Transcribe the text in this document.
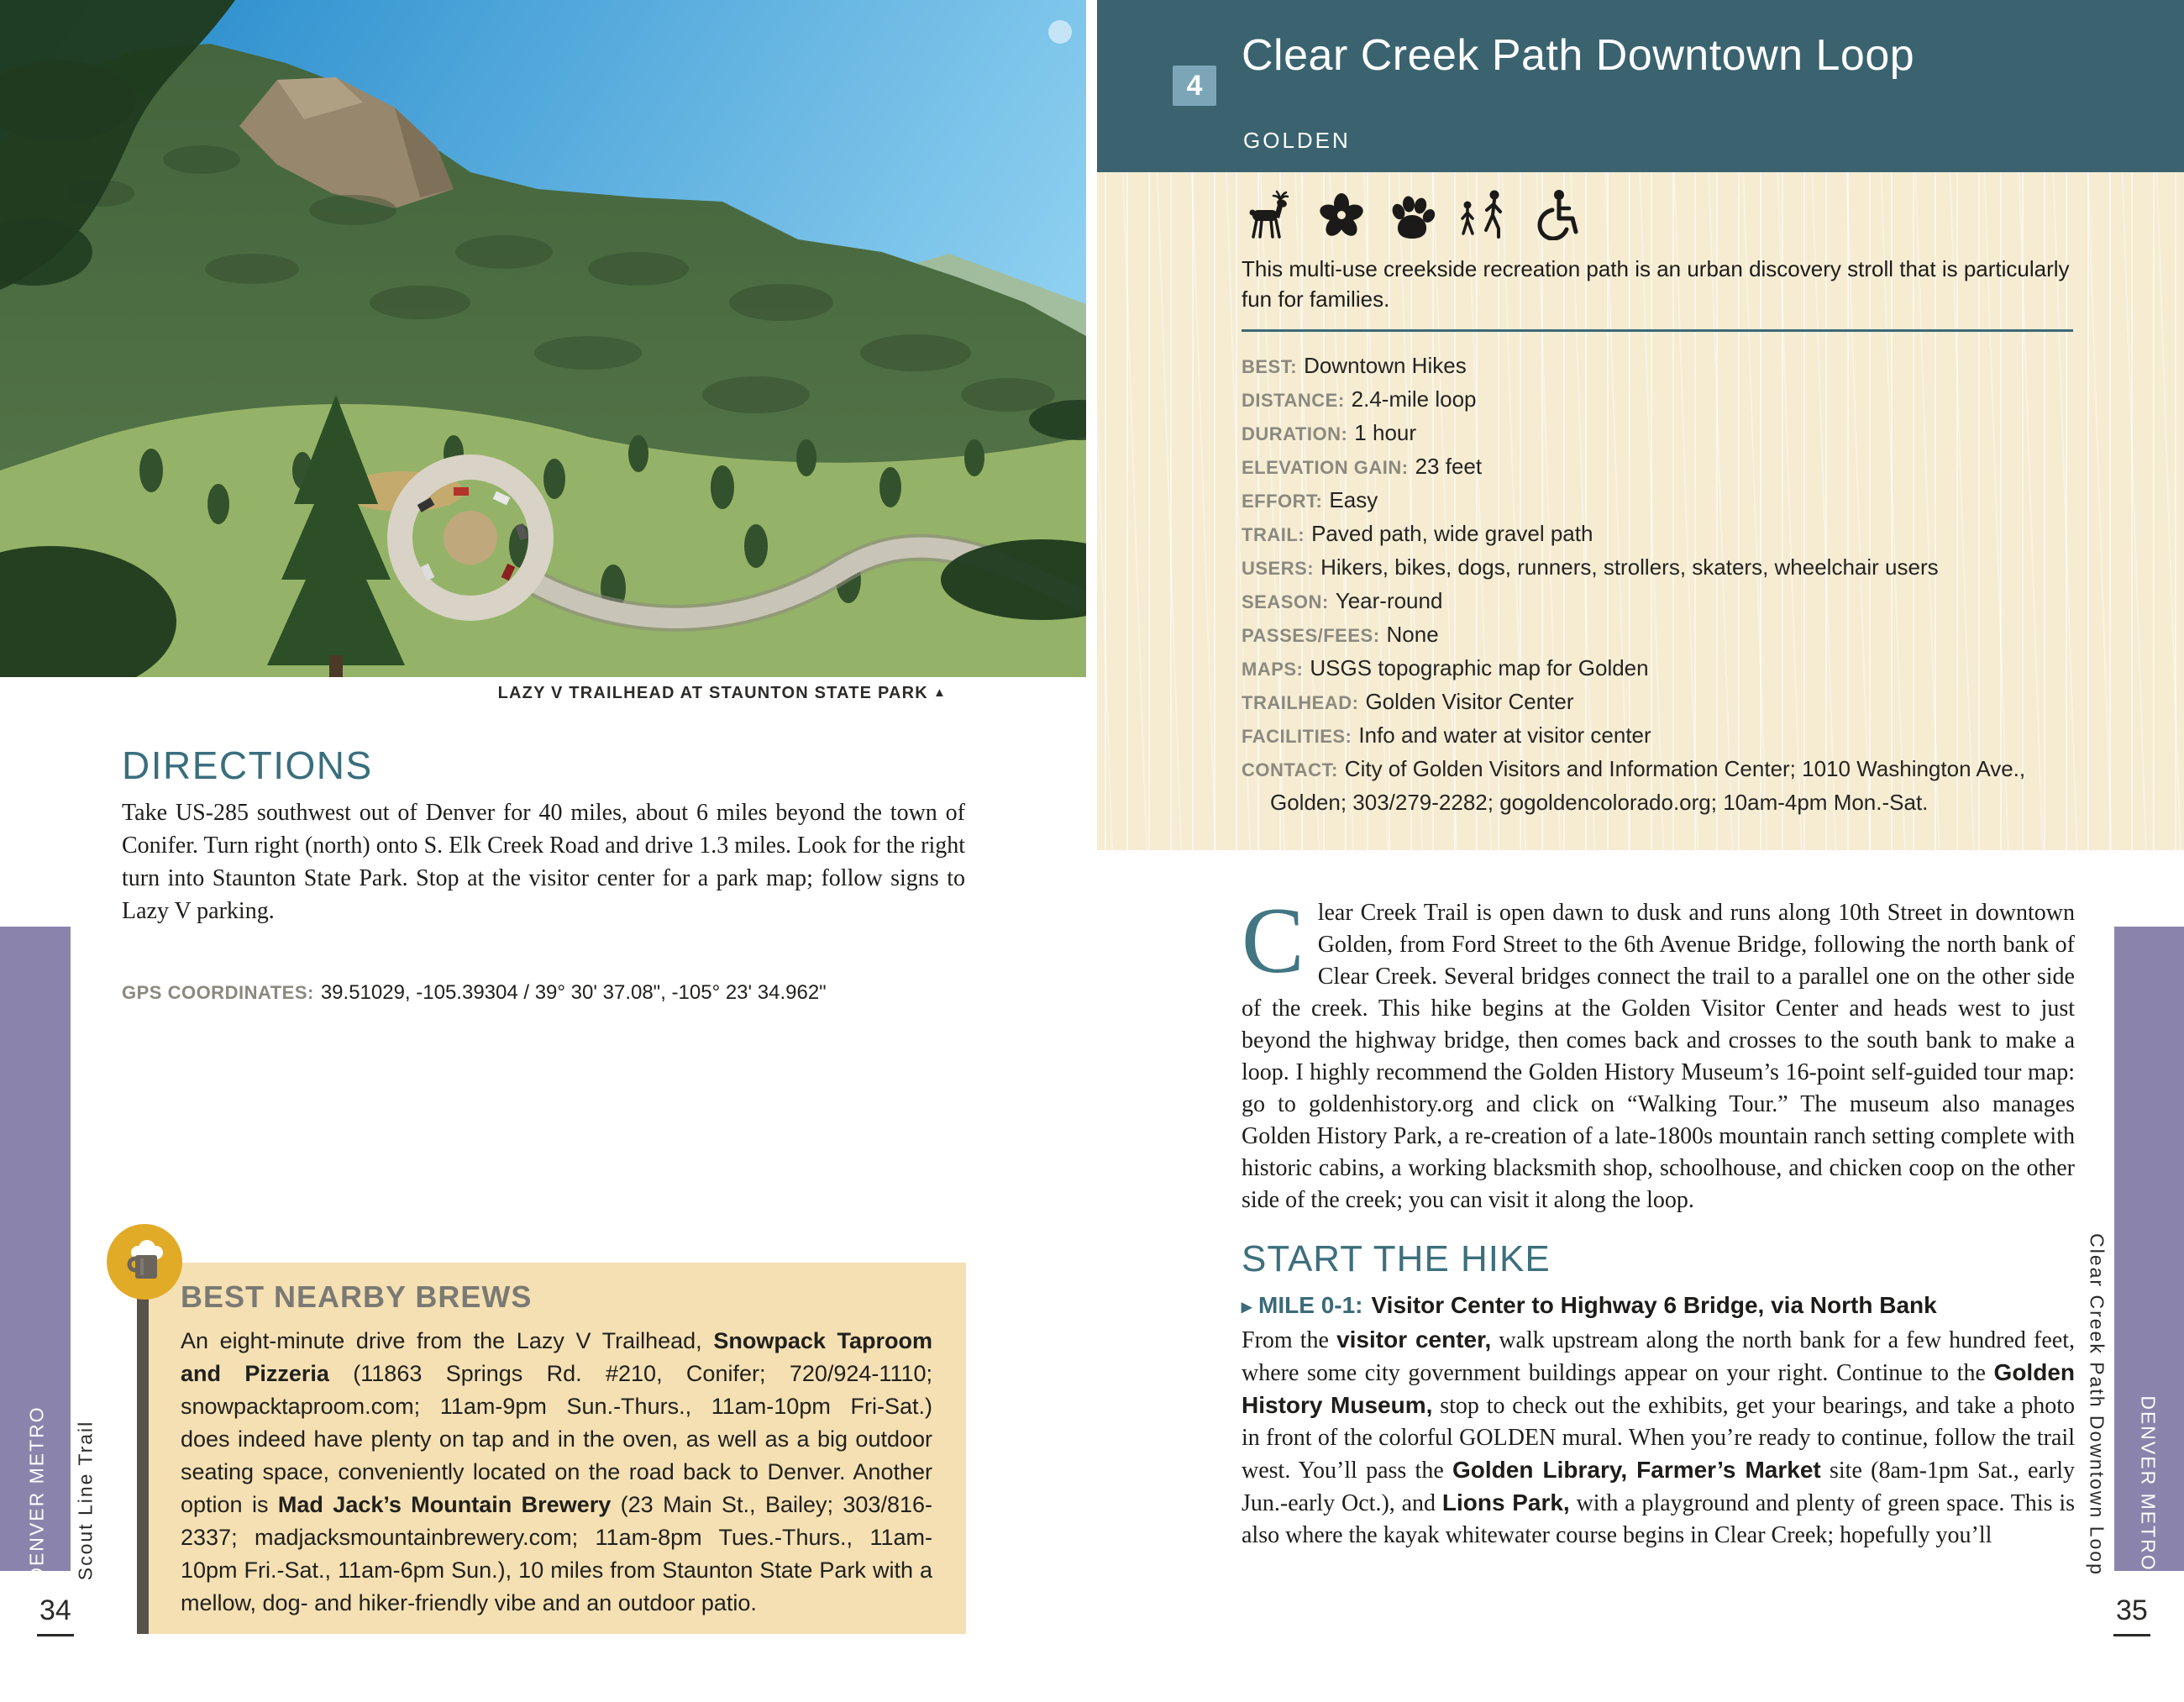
LAZY V TRAILHEAD AT STAUNTON STATE PARK ▲
DIRECTIONS
Take US-285 southwest out of Denver for 40 miles, about 6 miles beyond the town of Conifer. Turn right (north) onto S. Elk Creek Road and drive 1.3 miles. Look for the right turn into Staunton State Park. Stop at the visitor center for a park map; follow signs to Lazy V parking.
GPS COORDINATES: 39.51029, -105.39304 / 39° 30' 37.08", -105° 23' 34.962"
BEST NEARBY BREWS
An eight-minute drive from the Lazy V Trailhead, Snowpack Taproom and Pizzeria (11863 Springs Rd. #210, Conifer; 720/924-1110; snowpacktaproom.com; 11am-9pm Sun.-Thurs., 11am-10pm Fri-Sat.) does indeed have plenty on tap and in the oven, as well as a big outdoor seating space, conveniently located on the road back to Denver. Another option is Mad Jack’s Mountain Brewery (23 Main St., Bailey; 303/816-2337; madjacksmountainbrewery.com; 11am-8pm Tues.-Thurs., 11am-10pm Fri.-Sat., 11am-6pm Sun.), 10 miles from Staunton State Park with a mellow, dog- and hiker-friendly vibe and an outdoor patio.
DENVER METRO Scout Line Trail
34
4
Clear Creek Path Downtown Loop
GOLDEN
This multi-use creekside recreation path is an urban discovery stroll that is particularly fun for families.
BEST: Downtown Hikes
DISTANCE: 2.4-mile loop
DURATION: 1 hour
ELEVATION GAIN: 23 feet
EFFORT: Easy
TRAIL: Paved path, wide gravel path
USERS: Hikers, bikes, dogs, runners, strollers, skaters, wheelchair users
SEASON: Year-round
PASSES/FEES: None
MAPS: USGS topographic map for Golden
TRAILHEAD: Golden Visitor Center
FACILITIES: Info and water at visitor center
CONTACT: City of Golden Visitors and Information Center; 1010 Washington Ave., Golden; 303/279-2282; gogoldencolorado.org; 10am-4pm Mon.-Sat.

Clear Creek Trail is open dawn to dusk and runs along 10th Street in downtown Golden, from Ford Street to the 6th Avenue Bridge, following the north bank of Clear Creek. Several bridges connect the trail to a parallel one on the other side of the creek. This hike begins at the Golden Visitor Center and heads west to just beyond the highway bridge, then comes back and crosses to the south bank to make a loop. I highly recommend the Golden History Museum’s 16-point self-guided tour map: go to goldenhistory.org and click on “Walking Tour.” The museum also manages Golden History Park, a re-creation of a late-1800s mountain ranch setting complete with historic cabins, a working blacksmith shop, schoolhouse, and chicken coop on the other side of the creek; you can visit it along the loop.

START THE HIKE
▸ MILE 0-1: Visitor Center to Highway 6 Bridge, via North Bank

From the visitor center, walk upstream along the north bank for a few hundred feet, where some city government buildings appear on your right. Continue to the Golden History Museum, stop to check out the exhibits, get your bearings, and take a photo in front of the colorful GOLDEN mural. When you’re ready to continue, follow the trail west. You’ll pass the Golden Library, Farmer’s Market site (8am-1pm Sat., early Jun.-early Oct.), and Lions Park, with a playground and plenty of green space. This is also where the kayak whitewater course begins in Clear Creek; hopefully you’ll	DENVER METRO
Clear Creek Path Downtown Loop
35
